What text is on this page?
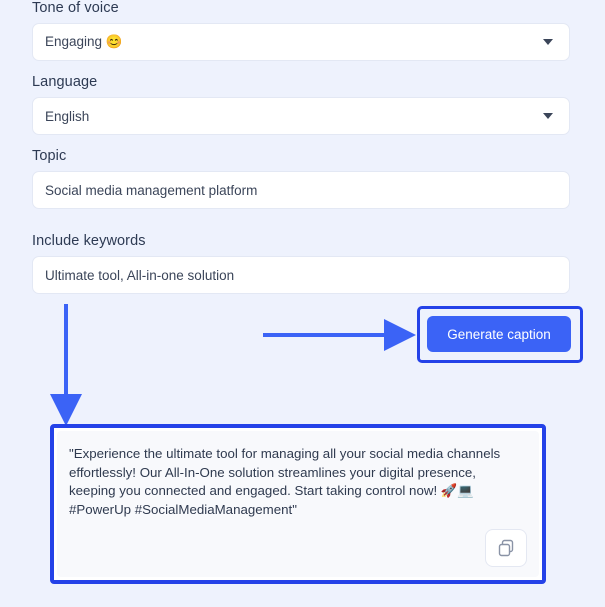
Tone of voice
Engaging 😊
Language
English
Topic
Social media management platform
Include keywords
Ultimate tool, All-in-one solution
Generate caption
"Experience the ultimate tool for managing all your social media channels effortlessly! Our All-In-One solution streamlines your digital presence, keeping you connected and engaged. Start taking control now! 🚀💻 #PowerUp #SocialMediaManagement"
